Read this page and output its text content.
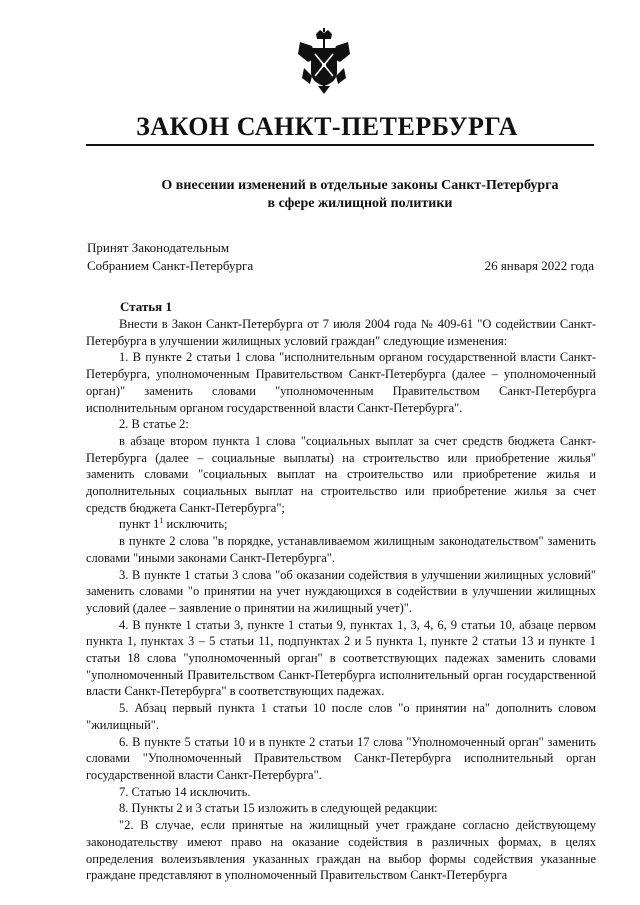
ЗАКОН САНКТ-ПЕТЕРБУРГА
О внесении изменений в отдельные законы Санкт-Петербурга
в сфере жилищной политики
Принят Законодательным
Собранием Санкт-Петербурга	26 января 2022 года
Статья 1

Внести в Закон Санкт-Петербурга от 7 июля 2004 года № 409-61 "О содействии Санкт-Петербурга в улучшении жилищных условий граждан" следующие изменения:

1. В пункте 2 статьи 1 слова "исполнительным органом государственной власти Санкт-Петербурга, уполномоченным Правительством Санкт-Петербурга (далее – уполномоченный орган)" заменить словами "уполномоченным Правительством Санкт-Петербурга исполнительным органом государственной власти Санкт-Петербурга".

2. В статье 2:

в абзаце втором пункта 1 слова "социальных выплат за счет средств бюджета Санкт-Петербурга (далее – социальные выплаты) на строительство или приобретение жилья" заменить словами "социальных выплат на строительство или приобретение жилья и дополнительных социальных выплат на строительство или приобретение жилья за счет средств бюджета Санкт-Петербурга";

пункт $1^1$ исключить;

в пункте 2 слова "в порядке, устанавливаемом жилищным законодательством" заменить словами "иными законами Санкт-Петербурга".

3. В пункте 1 статьи 3 слова "об оказании содействия в улучшении жилищных условий" заменить словами "о принятии на учет нуждающихся в содействии в улучшении жилищных условий (далее – заявление о принятии на жилищный учет)".

4. В пункте 1 статьи 3, пункте 1 статьи 9, пунктах 1, 3, 4, 6, 9 статьи 10, абзаце первом пункта 1, пунктах 3 – 5 статьи 11, подпунктах 2 и 5 пункта 1, пункте 2 статьи 13 и пункте 1 статьи 18 слова "уполномоченный орган" в соответствующих падежах заменить словами "уполномоченный Правительством Санкт-Петербурга исполнительный орган государственной власти Санкт-Петербурга" в соответствующих падежах.

5. Абзац первый пункта 1 статьи 10 после слов "о принятии на" дополнить словом "жилищный".

6. В пункте 5 статьи 10 и в пункте 2 статьи 17 слова "Уполномоченный орган" заменить словами "Уполномоченный Правительством Санкт-Петербурга исполнительный орган государственной власти Санкт-Петербурга".

7. Статью 14 исключить.

8. Пункты 2 и 3 статьи 15 изложить в следующей редакции:

"2. В случае, если принятые на жилищный учет граждане согласно действующему законодательству имеют право на оказание содействия в различных формах, в целях определения волеизъявления указанных граждан на выбор формы содействия указанные граждане представляют в уполномоченный Правительством Санкт-Петербурга
